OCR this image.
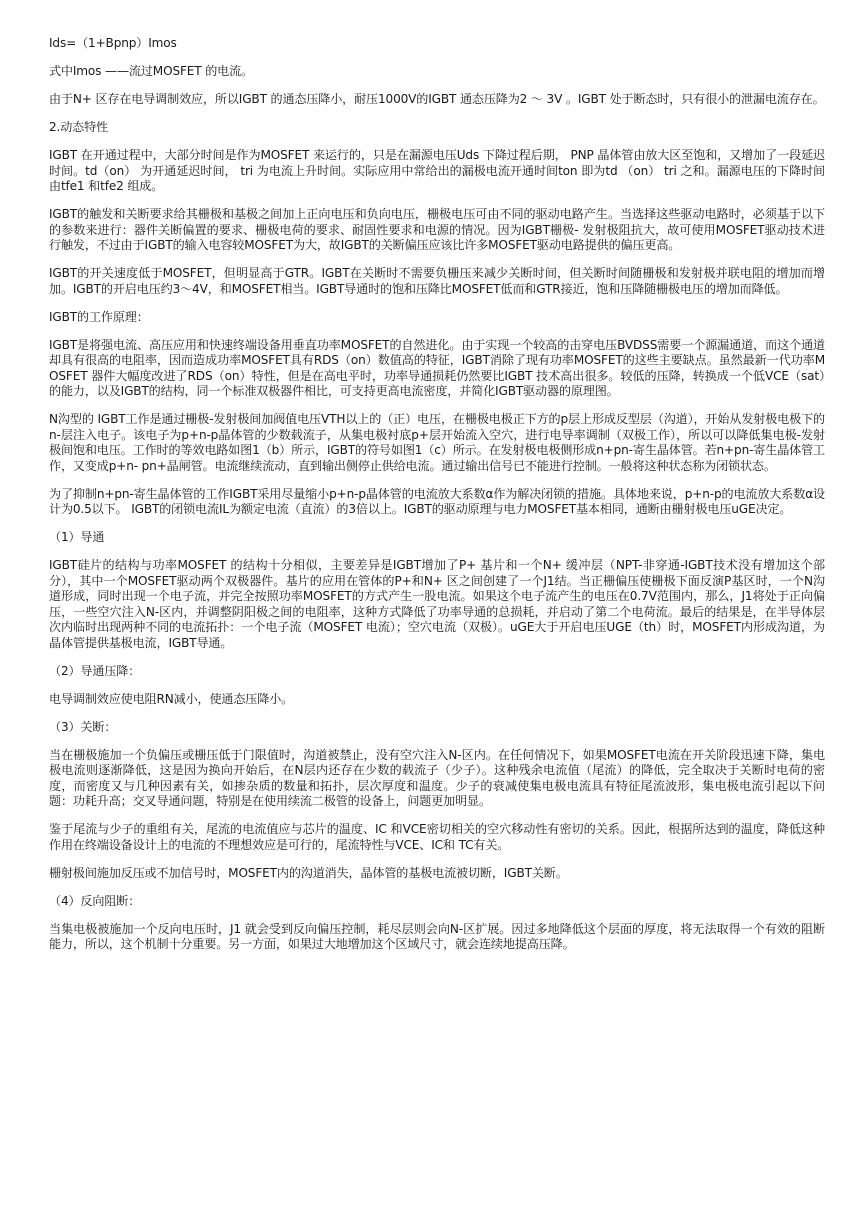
Ids=（1+Bpnp）Imos

式中Imos ——流过MOSFET 的电流。

由于N+ 区存在电导调制效应，所以IGBT 的通态压降小，耐压1000V的IGBT 通态压降为2 ～ 3V 。IGBT 处于断态时，只有很小的泄漏电流存在。

2.动态特性

IGBT 在开通过程中，大部分时间是作为MOSFET 来运行的，只是在漏源电压Uds 下降过程后期， PNP 晶体管由放大区至饱和，又增加了一段延迟时间。td（on） 为开通延迟时间， tri 为电流上升时间。实际应用中常给出的漏极电流开通时间ton 即为td （on） tri 之和。漏源电压的下降时间由tfe1 和tfe2 组成。

IGBT的触发和关断要求给其栅极和基极之间加上正向电压和负向电压，栅极电压可由不同的驱动电路产生。当选择这些驱动电路时，必须基于以下的参数来进行：器件关断偏置的要求、栅极电荷的要求、耐固性要求和电源的情况。因为IGBT栅极- 发射极阻抗大，故可使用MOSFET驱动技术进行触发，不过由于IGBT的输入电容较MOSFET为大，故IGBT的关断偏压应该比许多MOSFET驱动电路提供的偏压更高。

IGBT的开关速度低于MOSFET，但明显高于GTR。IGBT在关断时不需要负栅压来减少关断时间，但关断时间随栅极和发射极并联电阻的增加而增加。IGBT的开启电压约3～4V，和MOSFET相当。IGBT导通时的饱和压降比MOSFET低而和GTR接近，饱和压降随栅极电压的增加而降低。

IGBT的工作原理：

IGBT是将强电流、高压应用和快速终端设备用垂直功率MOSFET的自然进化。由于实现一个较高的击穿电压BVDSS需要一个源漏通道，而这个通道却具有很高的电阻率，因而造成功率MOSFET具有RDS（on）数值高的特征，IGBT消除了现有功率MOSFET的这些主要缺点。虽然最新一代功率MOSFET 器件大幅度改进了RDS（on）特性，但是在高电平时，功率导通损耗仍然要比IGBT 技术高出很多。较低的压降，转换成一个低VCE（sat）的能力，以及IGBT的结构，同一个标准双极器件相比，可支持更高电流密度，并简化IGBT驱动器的原理图。

N沟型的 IGBT工作是通过栅极-发射极间加阀值电压VTH以上的（正）电压，在栅极电极正下方的p层上形成反型层（沟道），开始从发射极电极下的n-层注入电子。该电子为p+n-p晶体管的少数载流子，从集电极衬底p+层开始流入空穴，进行电导率调制（双极工作），所以可以降低集电极-发射极间饱和电压。工作时的等效电路如图1（b）所示，IGBT的符号如图1（c）所示。在发射极电极侧形成n+pn-寄生晶体管。若n+pn-寄生晶体管工作，又变成p+n- pn+晶闸管。电流继续流动，直到输出侧停止供给电流。通过输出信号已不能进行控制。一般将这种状态称为闭锁状态。

为了抑制n+pn-寄生晶体管的工作IGBT采用尽量缩小p+n-p晶体管的电流放大系数α作为解决闭锁的措施。具体地来说，p+n-p的电流放大系数α设计为0.5以下。 IGBT的闭锁电流IL为额定电流（直流）的3倍以上。IGBT的驱动原理与电力MOSFET基本相同，通断由栅射极电压uGE决定。

（1）导通

IGBT硅片的结构与功率MOSFET 的结构十分相似，主要差异是IGBT增加了P+ 基片和一个N+ 缓冲层（NPT-非穿通-IGBT技术没有增加这个部分），其中一个MOSFET驱动两个双极器件。基片的应用在管体的P+和N+ 区之间创建了一个J1结。当正栅偏压使栅极下面反演P基区时，一个N沟道形成，同时出现一个电子流，并完全按照功率MOSFET的方式产生一股电流。如果这个电子流产生的电压在0.7V范围内，那么，J1将处于正向偏压，一些空穴注入N-区内，并调整阴阳极之间的电阻率，这种方式降低了功率导通的总损耗，并启动了第二个电荷流。最后的结果是，在半导体层次内临时出现两种不同的电流拓扑：一个电子流（MOSFET 电流）；空穴电流（双极）。uGE大于开启电压UGE（th）时，MOSFET内形成沟道，为晶体管提供基极电流，IGBT导通。

（2）导通压降：

电导调制效应使电阻RN减小，使通态压降小。

（3）关断：

当在栅极施加一个负偏压或栅压低于门限值时，沟道被禁止，没有空穴注入N-区内。在任何情况下，如果MOSFET电流在开关阶段迅速下降，集电极电流则逐渐降低，这是因为换向开始后，在N层内还存在少数的载流子（少子）。这种残余电流值（尾流）的降低，完全取决于关断时电荷的密度，而密度又与几种因素有关，如掺杂质的数量和拓扑，层次厚度和温度。少子的衰减使集电极电流具有特征尾流波形，集电极电流引起以下问题：功耗升高；交叉导通问题，特别是在使用续流二极管的设备上，问题更加明显。

鉴于尾流与少子的重组有关，尾流的电流值应与芯片的温度、IC 和VCE密切相关的空穴移动性有密切的关系。因此，根据所达到的温度，降低这种作用在终端设备设计上的电流的不理想效应是可行的，尾流特性与VCE、IC和 TC有关。

栅射极间施加反压或不加信号时，MOSFET内的沟道消失，晶体管的基极电流被切断，IGBT关断。

（4）反向阻断：

当集电极被施加一个反向电压时，J1 就会受到反向偏压控制，耗尽层则会向N-区扩展。因过多地降低这个层面的厚度，将无法取得一个有效的阻断能力，所以，这个机制十分重要。另一方面，如果过大地增加这个区域尺寸，就会连续地提高压降。
